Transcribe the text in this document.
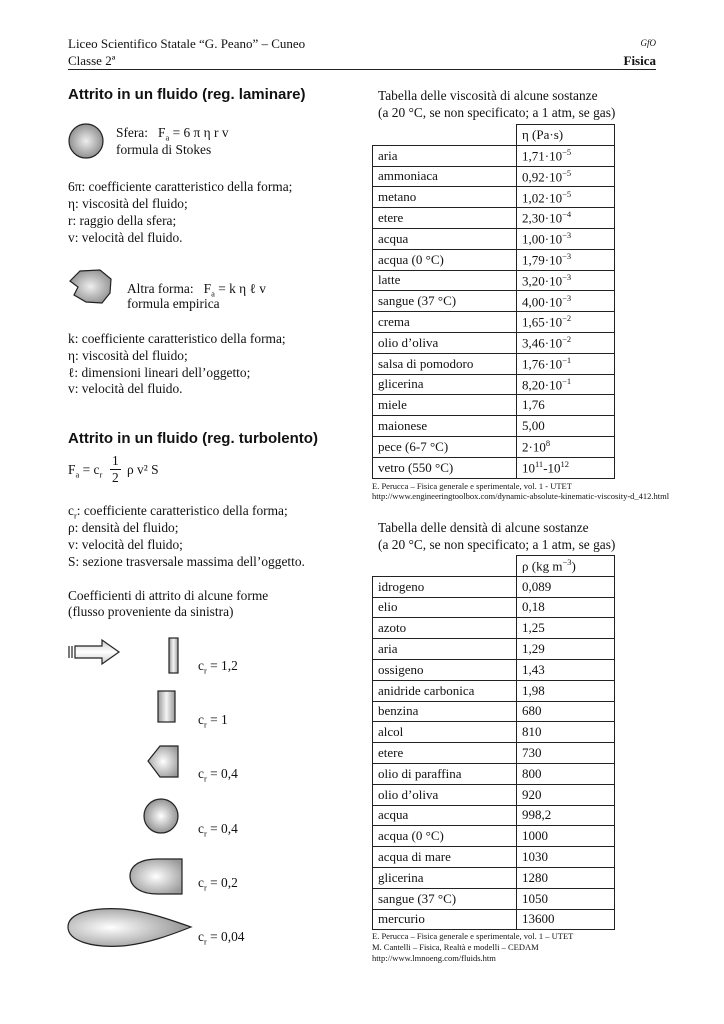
Liceo Scientifico Statale “G. Peano” – Cuneo
Classe 2ª
GfO
Fisica
Attrito in un fluido (reg. laminare)
Sfera: $F_a = 6$ π η r v
formula di Stokes
6π: coefficiente caratteristico della forma;
η: viscosità del fluido;
r: raggio della sfera;
v: velocità del fluido.
Altra forma: $F_a = k$ η ℓ v
formula empirica
k: coefficiente caratteristico della forma;
η: viscosità del fluido;
ℓ: dimensioni lineari dell’oggetto;
v: velocità del fluido.
Attrito in un fluido (reg. turbolento)
$F_a = c_r$
1
2
ρ v² S
$c_r$: coefficiente caratteristico della forma;
ρ: densità del fluido;
v: velocità del fluido;
S: sezione trasversale massima dell’oggetto.
Coefficienti di attrito di alcune forme
(flusso proveniente da sinistra)
$c_r = 1,2$
$c_r = 1$
$c_r = 0,4$
$c_r = 0,4$
$c_r = 0,2$
$c_r = 0,04$
Tabella delle viscosità di alcune sostanze
(a 20 °C, se non specificato; a 1 atm, se gas)
	η (Pa·s)
aria	$1,71\cdot 10^{-5}$
ammoniaca	$0,92\cdot 10^{-5}$
metano	$1,02\cdot 10^{-5}$
etere	$2,30\cdot 10^{-4}$
acqua	$1,00\cdot 10^{-3}$
acqua (0 °C)	$1,79\cdot 10^{-3}$
latte	$3,20\cdot 10^{-3}$
sangue (37 °C)	$4,00\cdot 10^{-3}$
crema	$1,65\cdot 10^{-2}$
olio d’oliva	$3,46\cdot 10^{-2}$
salsa di pomodoro	$1,76\cdot 10^{-1}$
glicerina	$8,20\cdot 10^{-1}$
miele	1,76
maionese	5,00
pece (6-7 °C)	$2\cdot 10^8$
vetro (550 °C)	$10^{11}-10^{12}$
E. Perucca – Fisica generale e sperimentale, vol. 1 - UTET
http://www.engineeringtoolbox.com/dynamic-absolute-kinematic-viscosity-d_412.html
Tabella delle densità di alcune sostanze
(a 20 °C, se non specificato; a 1 atm, se gas)
	ρ (kg $m^{-3}$)
idrogeno	0,089
elio	0,18
azoto	1,25
aria	1,29
ossigeno	1,43
anidride carbonica	1,98
benzina	680
alcol	810
etere	730
olio di paraffina	800
olio d’oliva	920
acqua	998,2
acqua (0 °C)	1000
acqua di mare	1030
glicerina	1280
sangue (37 °C)	1050
mercurio	13600
E. Perucca – Fisica generale e sperimentale, vol. 1 – UTET
M. Cantelli – Fisica, Realtà e modelli – CEDAM
http://www.lmnoeng.com/fluids.htm
